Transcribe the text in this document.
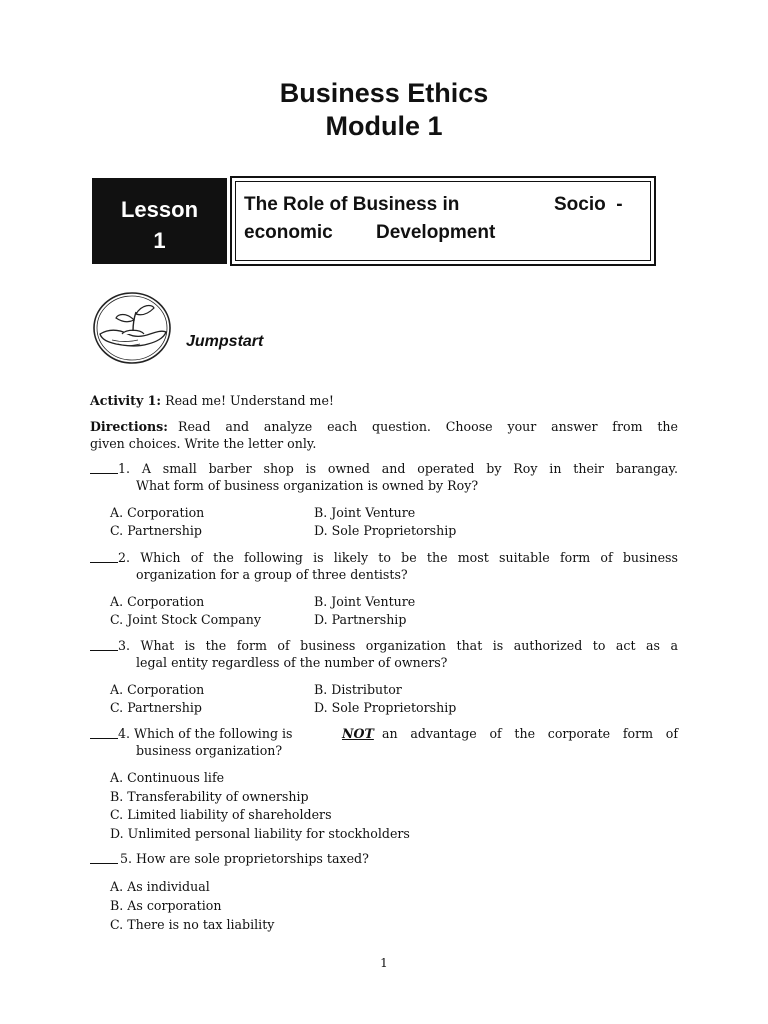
Business Ethics
Module 1
Lesson
1
The Role of Business in	Socio  -
economic Development
Jumpstart
Activity 1: Read me! Understand me!
Directions: Read and analyze each question. Choose your answer from the
given choices. Write the letter only.
1. A small barber shop is owned and operated by Roy in their barangay.
What form of business organization is owned by Roy?
A. Corporation	B. Joint Venture
C. Partnership	D. Sole Proprietorship
2. Which of the following is likely to be the most suitable form of business
organization for a group of three dentists?
A. Corporation	B. Joint Venture
C. Joint Stock Company	D. Partnership
3. What is the form of business organization that is authorized to act as a
legal entity regardless of the number of owners?
A. Corporation	B. Distributor
C. Partnership	D. Sole Proprietorship
4. Which of the following is	NOT an advantage of the corporate form of
business organization?
A. Continuous life
B. Transferability of ownership
C. Limited liability of shareholders
D. Unlimited personal liability for stockholders
5. How are sole proprietorships taxed?
A. As individual
B. As corporation
C. There is no tax liability
1
